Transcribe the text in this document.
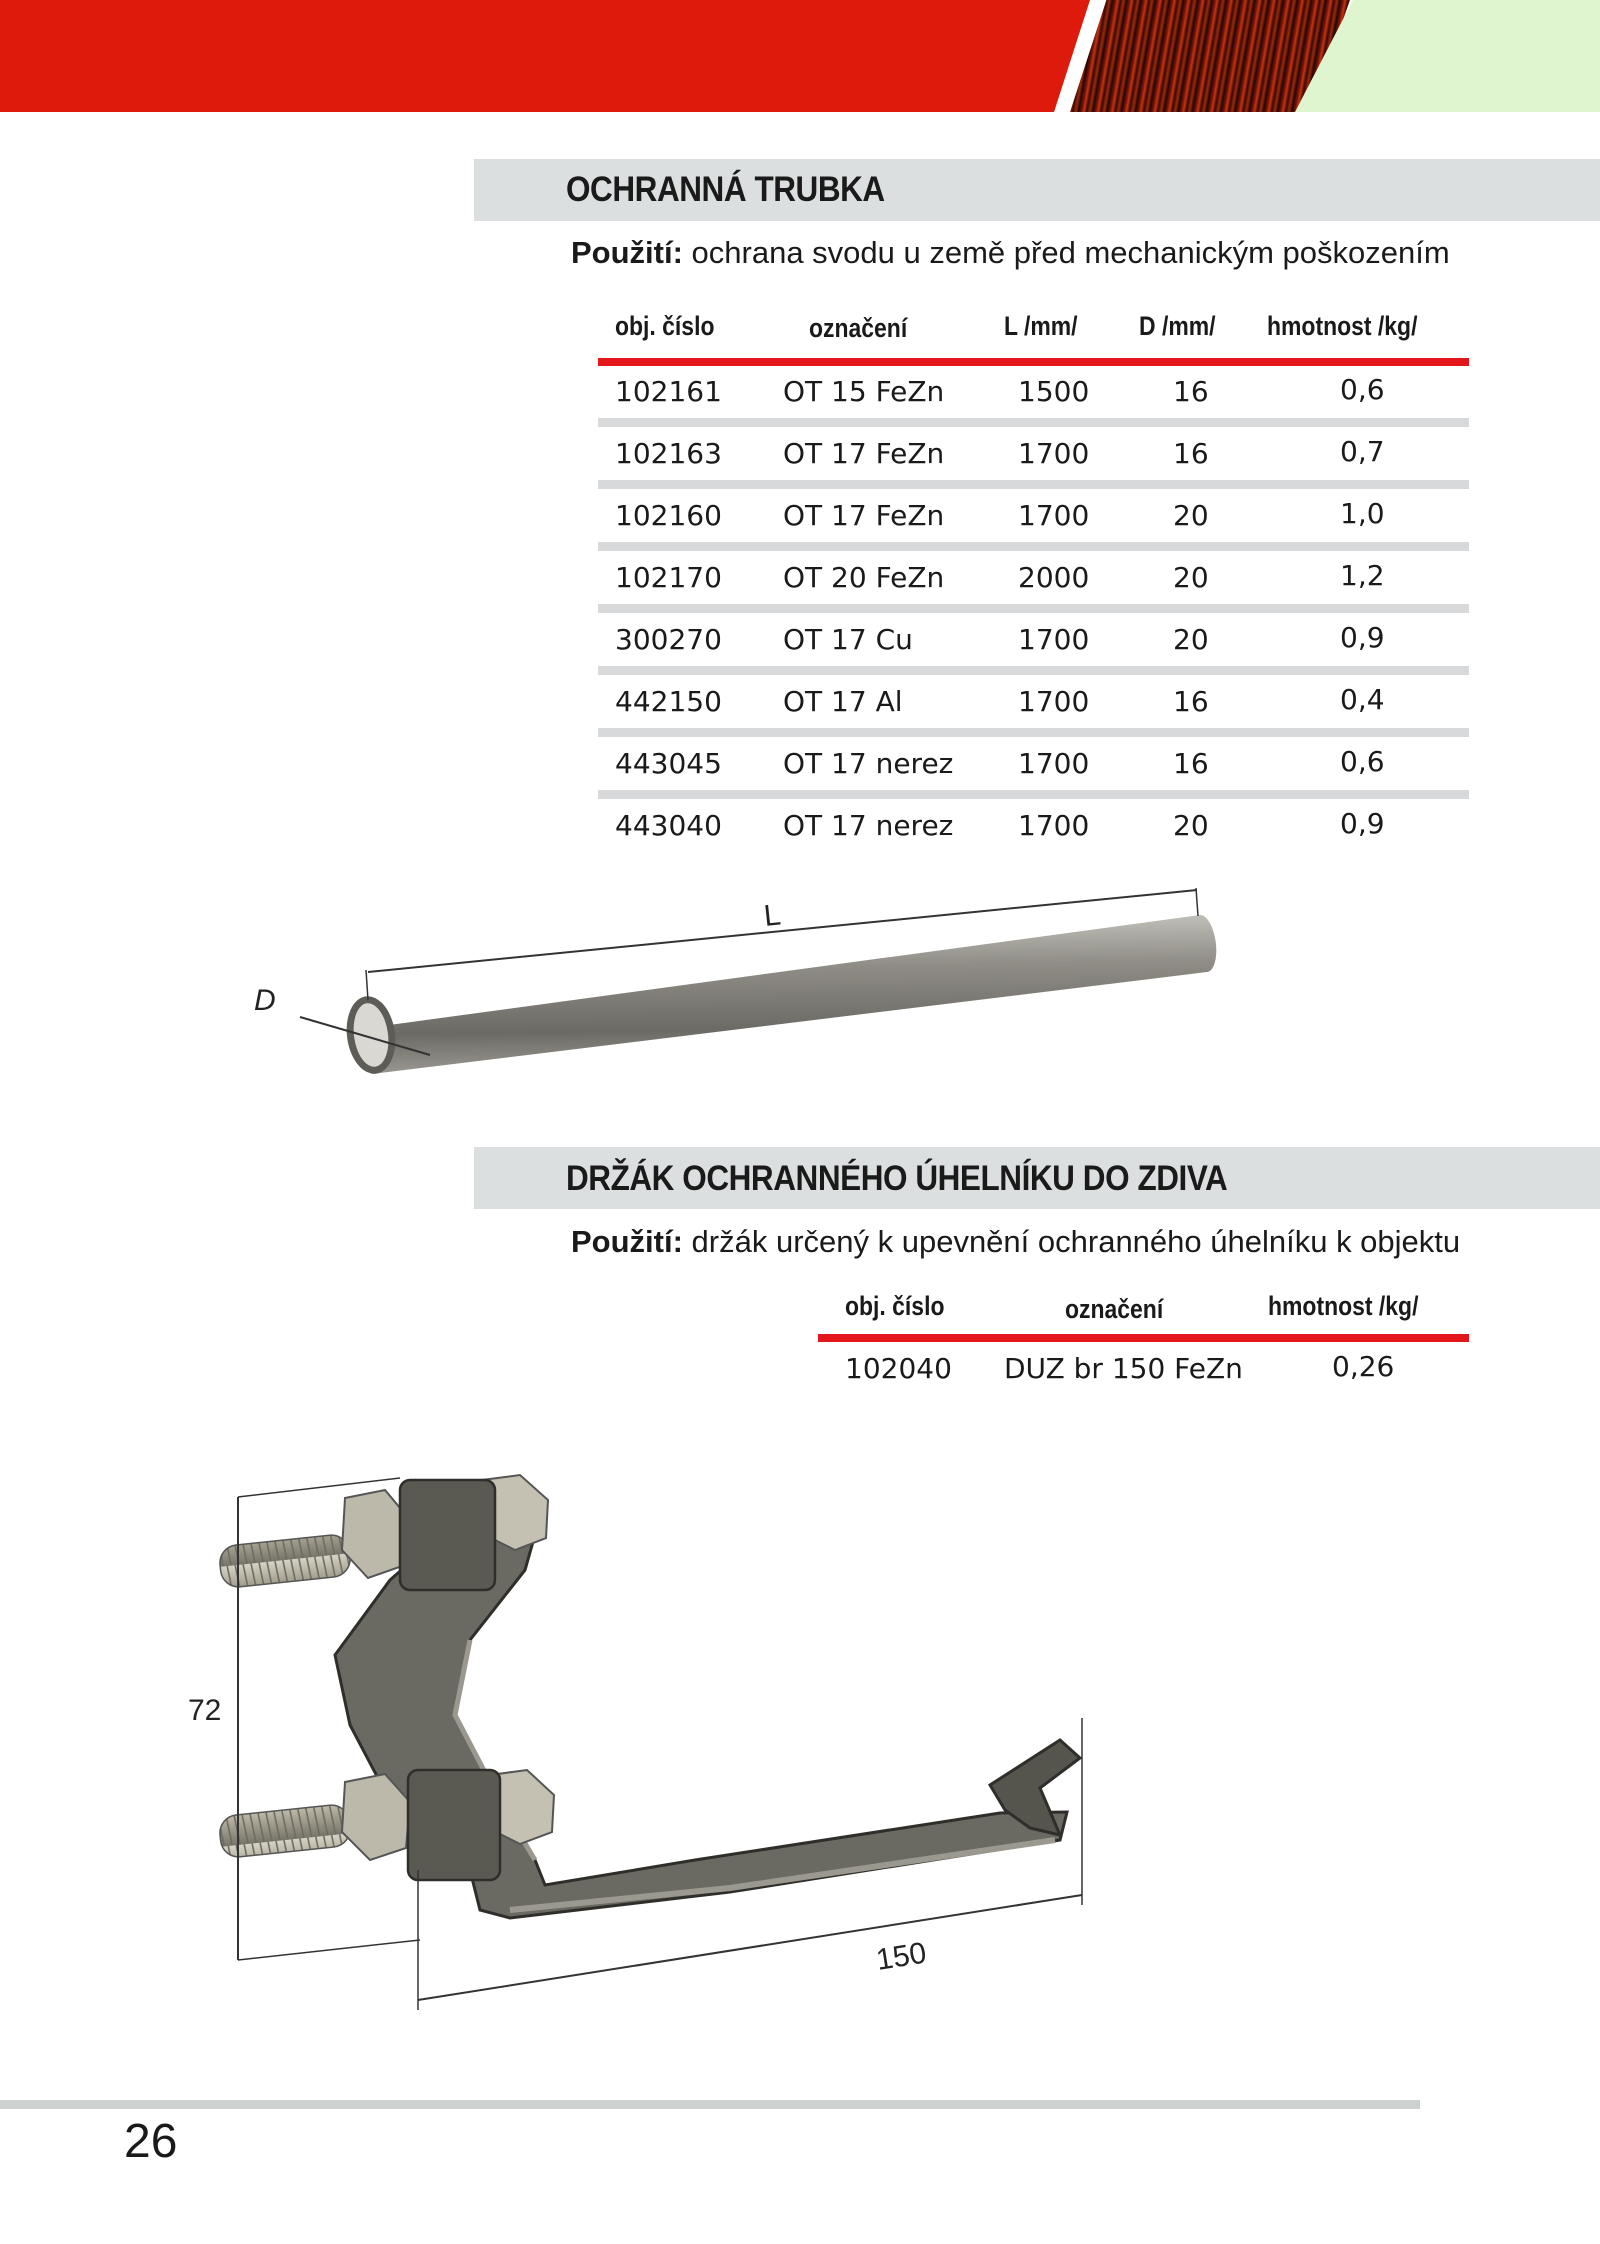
OCHRANNÁ TRUBKA
Použití: ochrana svodu u země před mechanickým poškozením
obj. číslo	označení	L /mm/ D /mm/ hmotnost /kg/
102161 OT 15 FeZn	1500	16	0,6
102163 OT 17 FeZn	1700	16	0,7
102160 OT 17 FeZn	1700	20	1,0
102170 OT 20 FeZn	2000	20	1,2
300270 OT 17 Cu	1700	20	0,9
442150 OT 17 Al	1700	16	0,4
443045 OT 17 nerez 1700	16	0,6
443040 OT 17 nerez 1700	20	0,9
L
D
DRŽÁK OCHRANNÉHO ÚHELNÍKU DO ZDIVA
Použití: držák určený k upevnění ochranného úhelníku k objektu
obj. číslo	označení	hmotnost /kg/
102040 DUZ br 150 FeZn	0,26
72
150
26
